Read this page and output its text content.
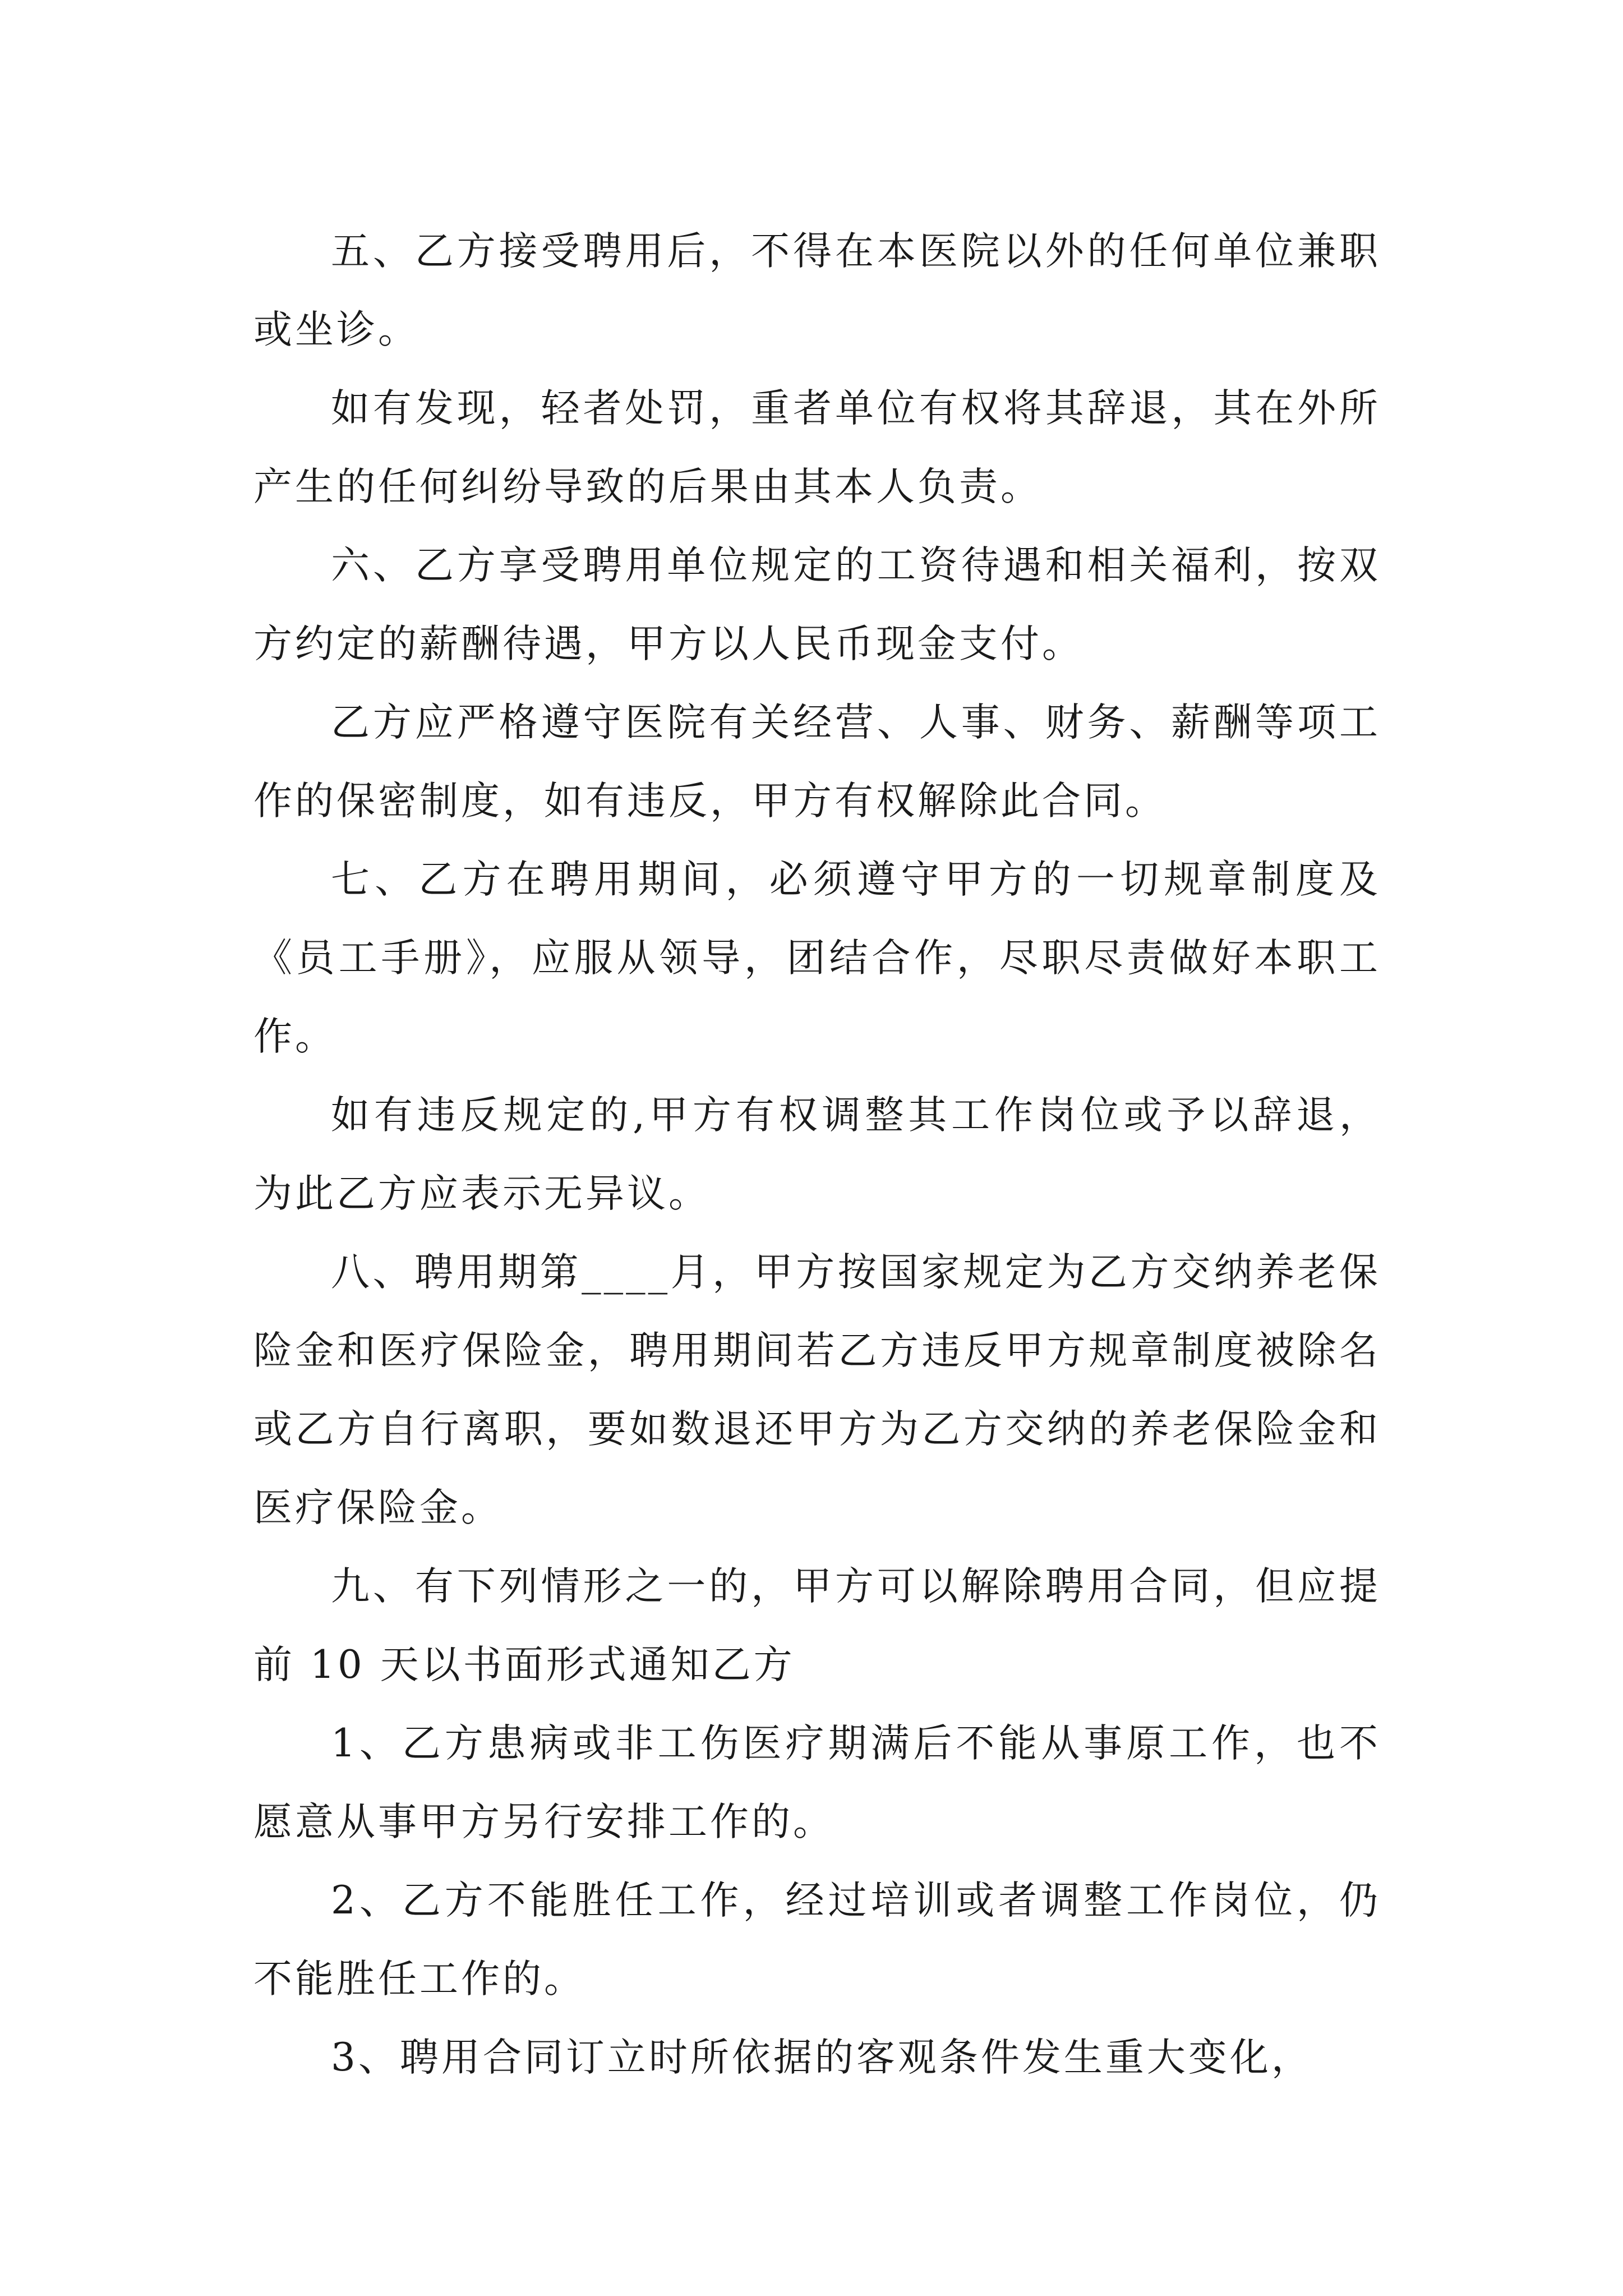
五、乙方接受聘用后，不得在本医院以外的任何单位兼职或坐诊。

如有发现，轻者处罚，重者单位有权将其辞退，其在外所产生的任何纠纷导致的后果由其本人负责。

六、乙方享受聘用单位规定的工资待遇和相关福利，按双方约定的薪酬待遇，甲方以人民币现金支付。

乙方应严格遵守医院有关经营、人事、财务、薪酬等项工作的保密制度，如有违反，甲方有权解除此合同。

七、乙方在聘用期间，必须遵守甲方的一切规章制度及《员工手册》，应服从领导，团结合作，尽职尽责做好本职工作。

如有违反规定的,甲方有权调整其工作岗位或予以辞退，为此乙方应表示无异议。

八、聘用期第____月，甲方按国家规定为乙方交纳养老保险金和医疗保险金，聘用期间若乙方违反甲方规章制度被除名或乙方自行离职，要如数退还甲方为乙方交纳的养老保险金和医疗保险金。

九、有下列情形之一的，甲方可以解除聘用合同，但应提前 10 天以书面形式通知乙方

1、乙方患病或非工伤医疗期满后不能从事原工作，也不愿意从事甲方另行安排工作的。

2、乙方不能胜任工作，经过培训或者调整工作岗位，仍不能胜任工作的。

3、聘用合同订立时所依据的客观条件发生重大变化，
